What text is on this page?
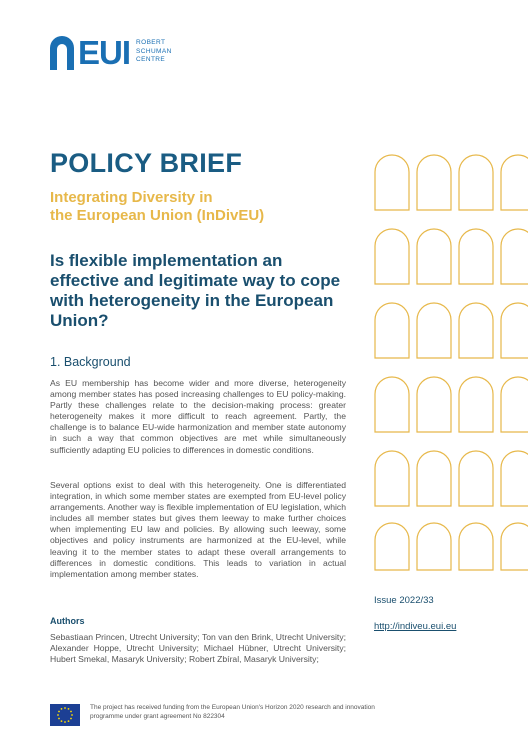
EUI ROBERT
SCHUMAN
CENTRE
POLICY BRIEF
Integrating Diversity in
the European Union (InDivEU)
Is flexible implementation an effective and legitimate way to cope with heterogeneity in the European Union?
1. Background
As EU membership has become wider and more diverse, heterogeneity among member states has posed increasing challenges to EU policy-making. Partly these challenges relate to the decision-making process: greater heterogeneity makes it more difficult to reach agreement. Partly, the challenge is to balance EU-wide harmonization and member state autonomy in such a way that common objectives are met while simultaneously sufficiently adapting EU policies to differences in domestic conditions.
Several options exist to deal with this heterogeneity. One is differentiated integration, in which some member states are exempted from EU-level policy arrangements. Another way is flexible implementation of EU legislation, which includes all member states but gives them leeway to make further choices when implementing EU law and policies. By allowing such leeway, some objectives and policy instruments are harmonized at the EU-level, while leaving it to the member states to adapt these overall arrangements to differences in domestic conditions. This leads to variation in actual implementation among member states.
Authors
Sebastiaan Princen, Utrecht University; Ton van den Brink, Utrecht University; Alexander Hoppe, Utrecht University; Michael Hübner, Utrecht University; Hubert Smekal, Masaryk University; Robert Zbíral, Masaryk University;
Issue 2022/33
http://indiveu.eui.eu
The project has received funding from the European Union's Horizon 2020 research and innovation programme under grant agreement No 822304
